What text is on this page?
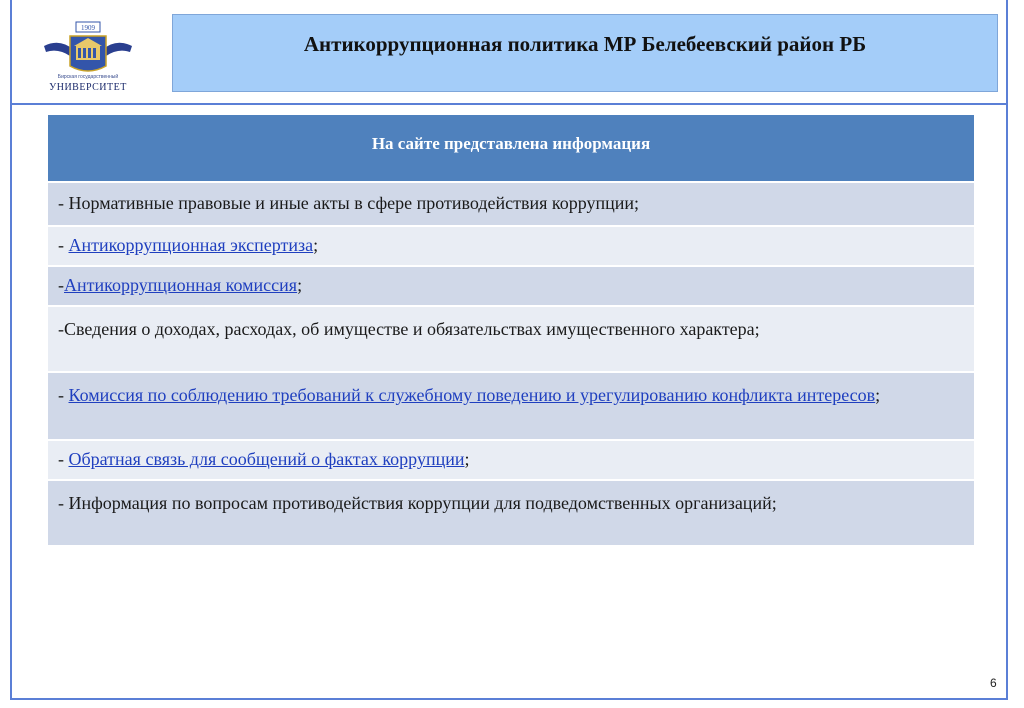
1909
Бирская государственный
УНИВЕРСИТЕТ
Антикоррупционная политика МР Белебеевский район РБ
На сайте представлена информация
- Нормативные правовые и иные акты в сфере противодействия коррупции;
- Антикоррупционная экспертиза;
-Антикоррупционная комиссия;
-Сведения о доходах, расходах, об имуществе и обязательствах имущественного характера;
- Комиссия по соблюдению требований к служебному поведению и урегулированию конфликта интересов;
- Обратная связь для сообщений о фактах коррупции;
- Информация по вопросам противодействия коррупции для подведомственных организаций;
6
